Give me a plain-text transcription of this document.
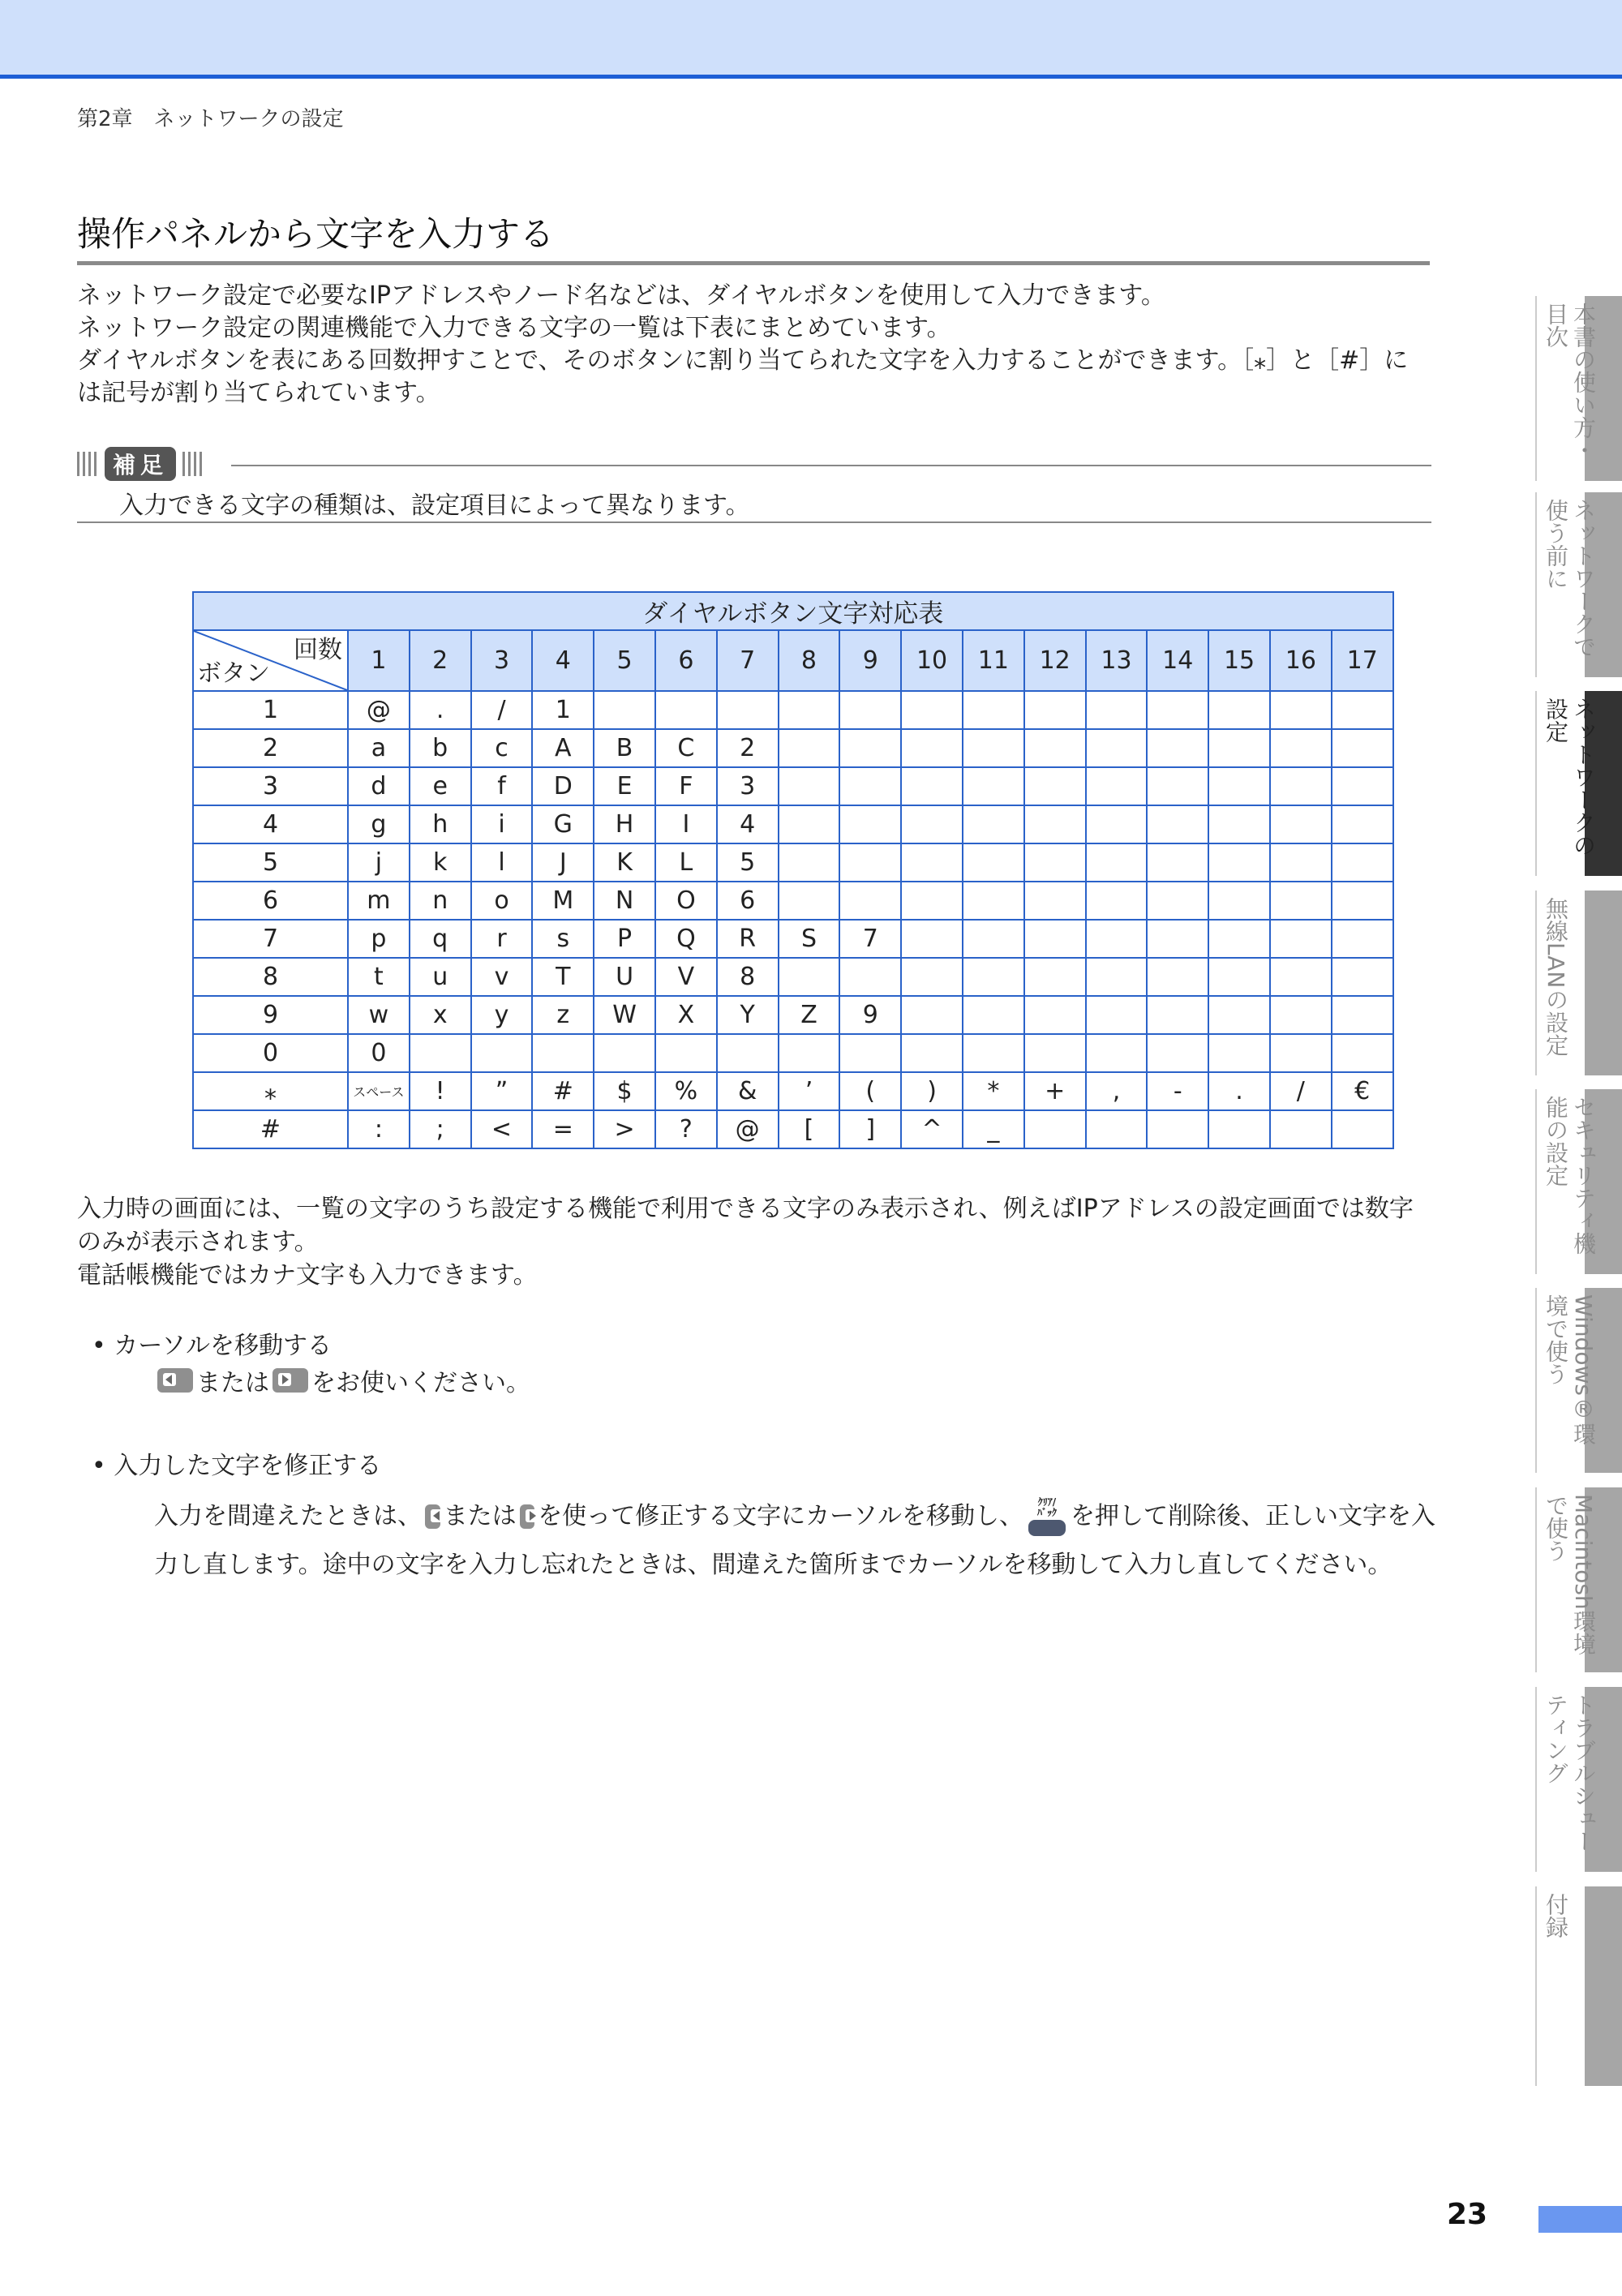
第2章　ネットワークの設定
操作パネルから文字を入力する

ネットワーク設定で必要なIPアドレスやノード名などは、ダイヤルボタンを使用して入力できます。

ネットワーク設定の関連機能で入力できる文字の一覧は下表にまとめています。

ダイヤルボタンを表にある回数押すことで、そのボタンに割り当てられた文字を入力することができます。［⁎］と［#］に

は記号が割り当てられています。

補足
入力できる文字の種類は、設定項目によって異なります。
ダイヤルボタン文字対応表																	

回数
ボタン	1	2	3	4	5	6	7	8	9	10	11	12	13	14	15	16	17
1	@	.	/	1													
2	a	b	c	A	B	C	2										
3	d	e	f	D	E	F	3										
4	g	h	i	G	H	I	4										
5	j	k	l	J	K	L	5										
6	m	n	o	M	N	O	6										
7	p	q	r	s	P	Q	R	S	7								
8	t	u	v	T	U	V	8										
9	w	x	y	z	W	X	Y	Z	9								
0	0																
⁎	スペース	!	”	#	$	%	&	’	(	)	*	+	,	-	.	/	€
#	:	;	<	=	>	?	@	[	]	^	_						

入力時の画面には、一覧の文字のうち設定する機能で利用できる文字のみ表示され、例えばIPアドレスの設定画面では数字

のみが表示されます。

電話帳機能ではカナ文字も入力できます。

• カーソルを移動する
または をお使いください。
• 入力した文字を修正する
入力を間違えたときは、 または を使って修正する文字にカーソルを移動し、 ｸﾘｱ/
ﾊﾞｯｸ を押して削除後、正しい文字を入
力し直します。途中の文字を入力し忘れたときは、間違えた箇所までカーソルを移動して入力し直してください。
本書の使い方・目次
ネットワークで使う前に
ネットワークの設定
無線LANの設定
セキュリティ機能の設定
Windows®環境で使う
Macintosh環境で使う
トラブルシューティング
付録
23
